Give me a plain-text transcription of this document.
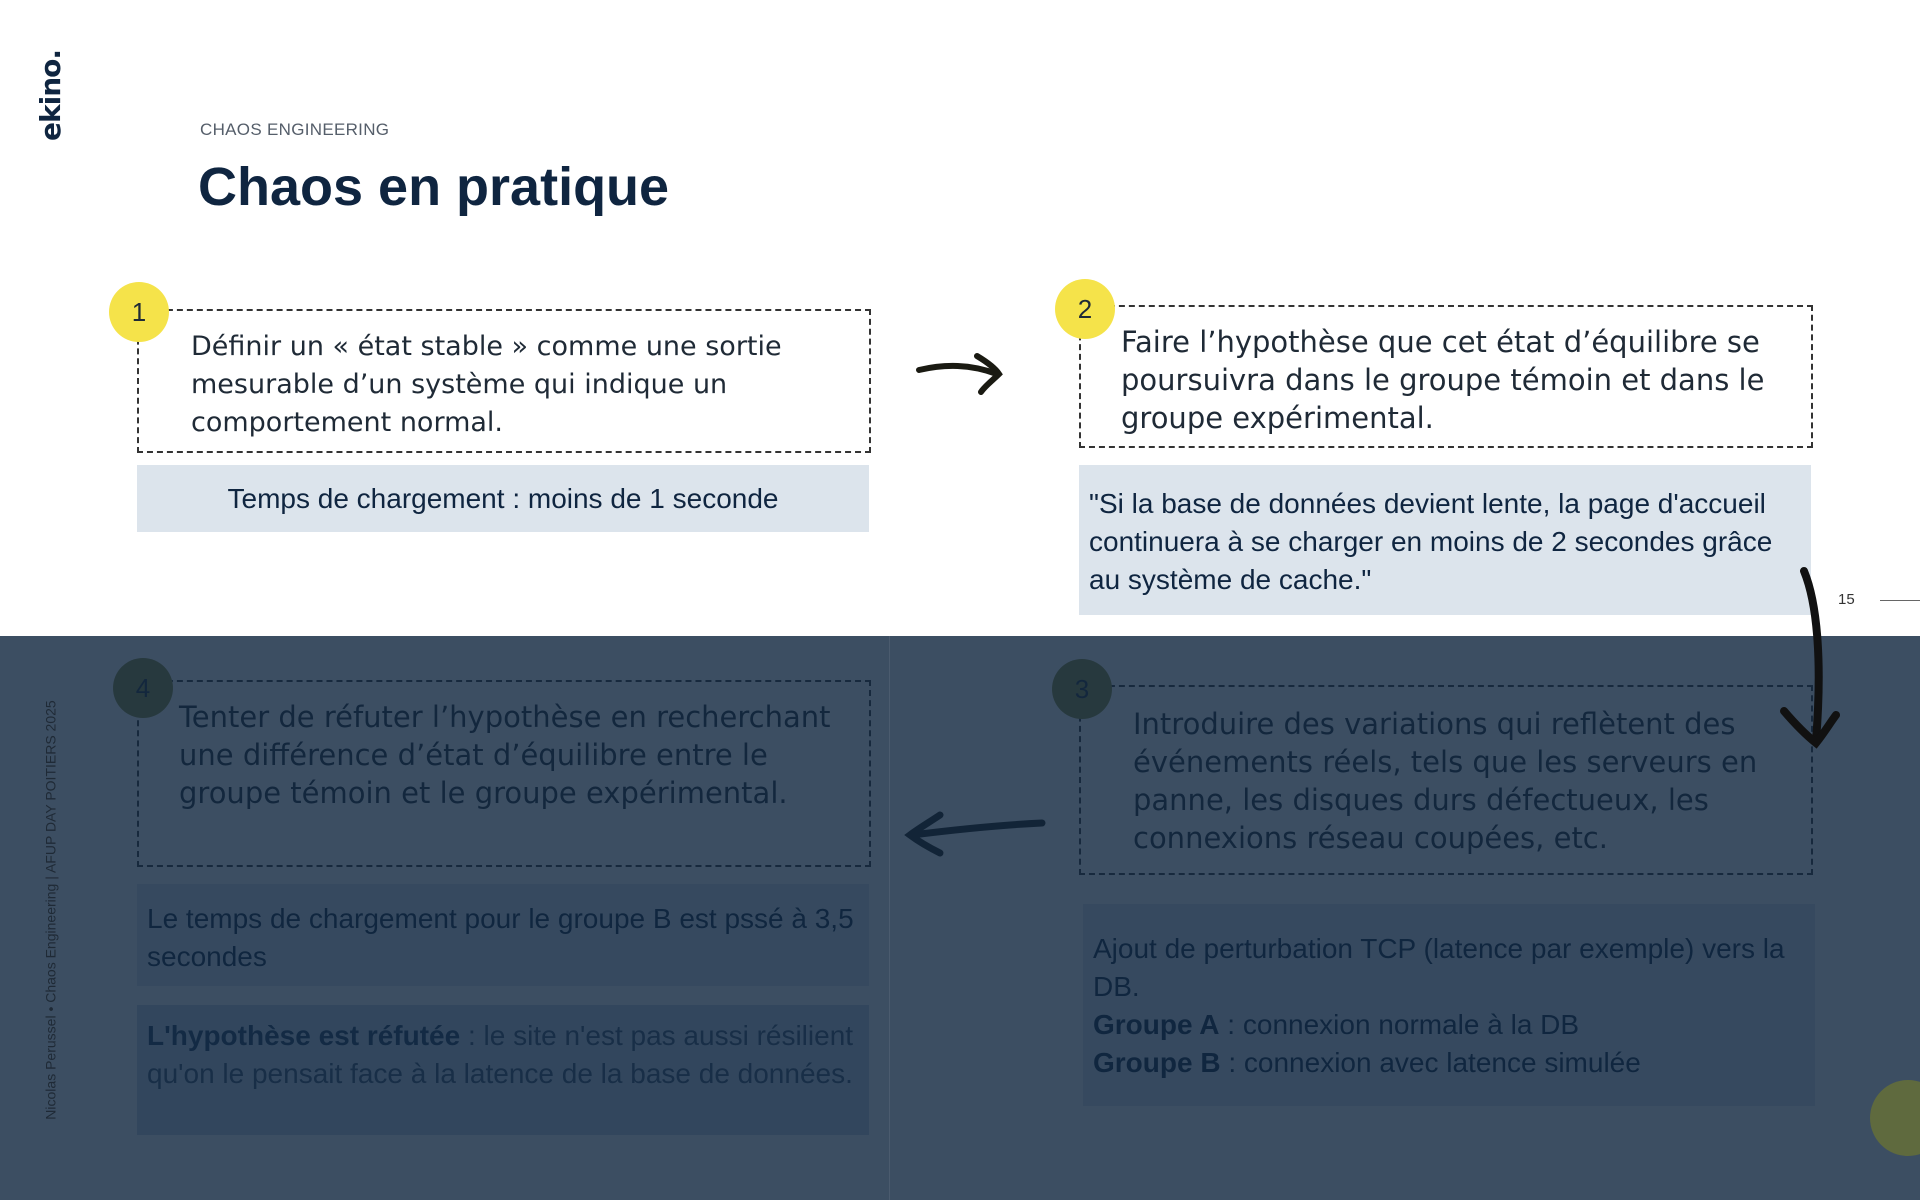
ekino.	CHAOS ENGINEERING
Chaos en pratique
Définir un « état stable » comme une sortie mesurable d’un système qui indique un comportement normal.
1
Temps de chargement : moins de 1 seconde
Faire l’hypothèse que cet état d’équilibre se poursuivra dans le groupe témoin et dans le groupe expérimental.
2
"Si la base de données devient lente, la page d'accueil continuera à se charger en moins de 2 secondes grâce au système de cache."
15
Nicolas Perussel • Chaos Engineering | AFUP DAY POITIERS 2025
